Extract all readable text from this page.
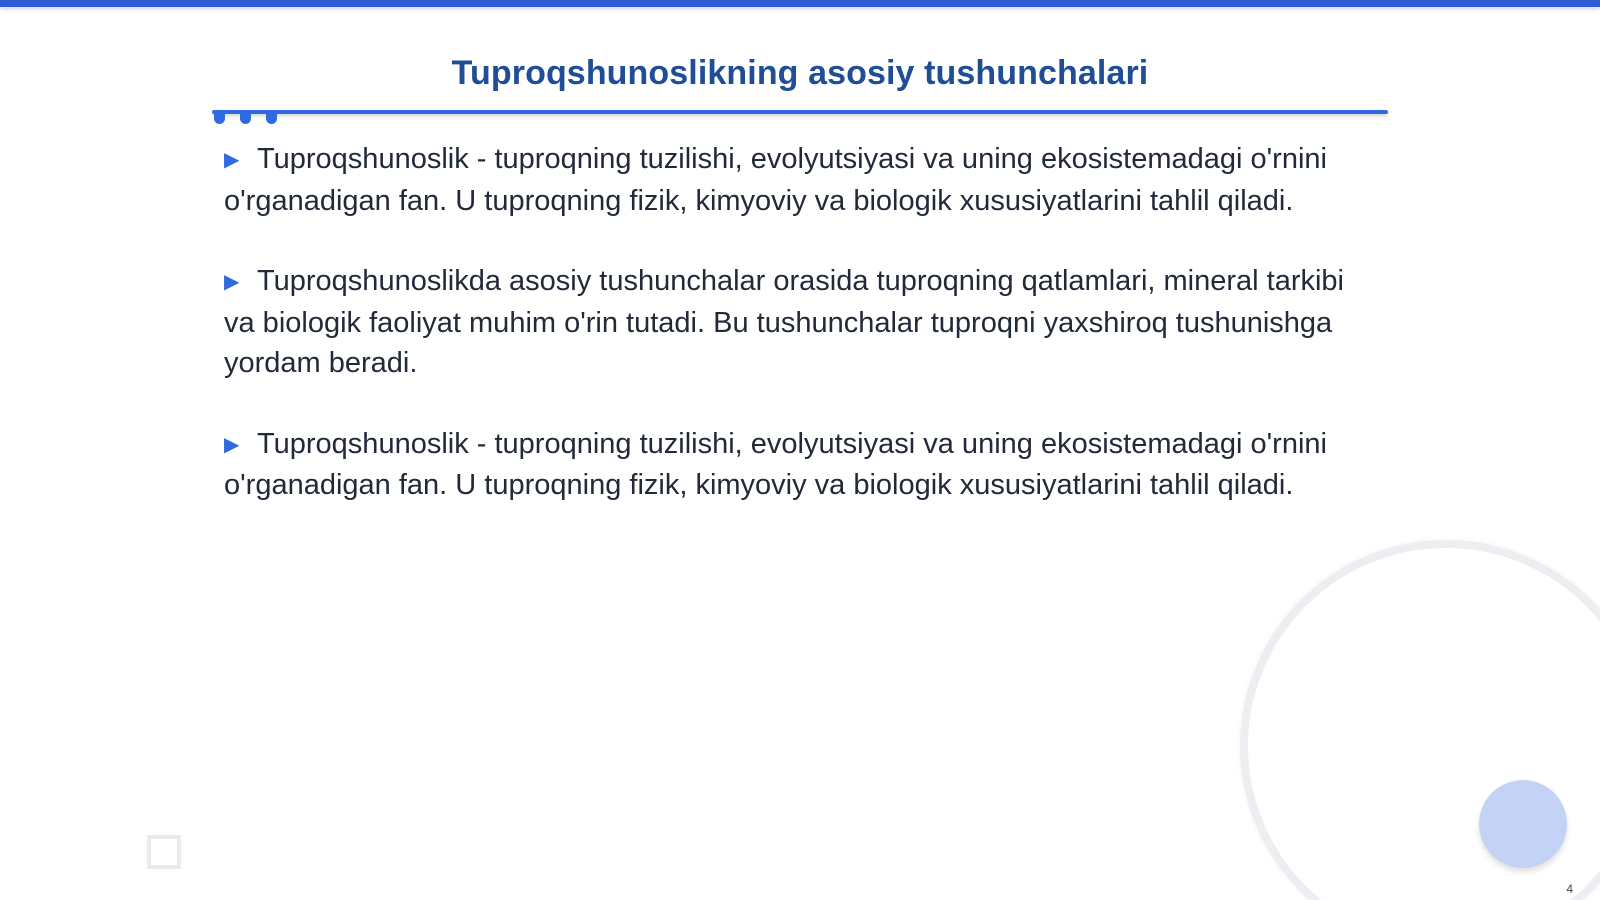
Tuproqshunoslikning asosiy tushunchalari

▶ Tuproqshunoslik - tuproqning tuzilishi, evolyutsiyasi va uning ekosistemadagi o'rnini o'rganadigan fan. U tuproqning fizik, kimyoviy va biologik xususiyatlarini tahlil qiladi.

▶ Tuproqshunoslikda asosiy tushunchalar orasida tuproqning qatlamlari, mineral tarkibi va biologik faoliyat muhim o'rin tutadi. Bu tushunchalar tuproqni yaxshiroq tushunishga yordam beradi.

▶ Tuproqshunoslik - tuproqning tuzilishi, evolyutsiyasi va uning ekosistemadagi o'rnini o'rganadigan fan. U tuproqning fizik, kimyoviy va biologik xususiyatlarini tahlil qiladi.

4
